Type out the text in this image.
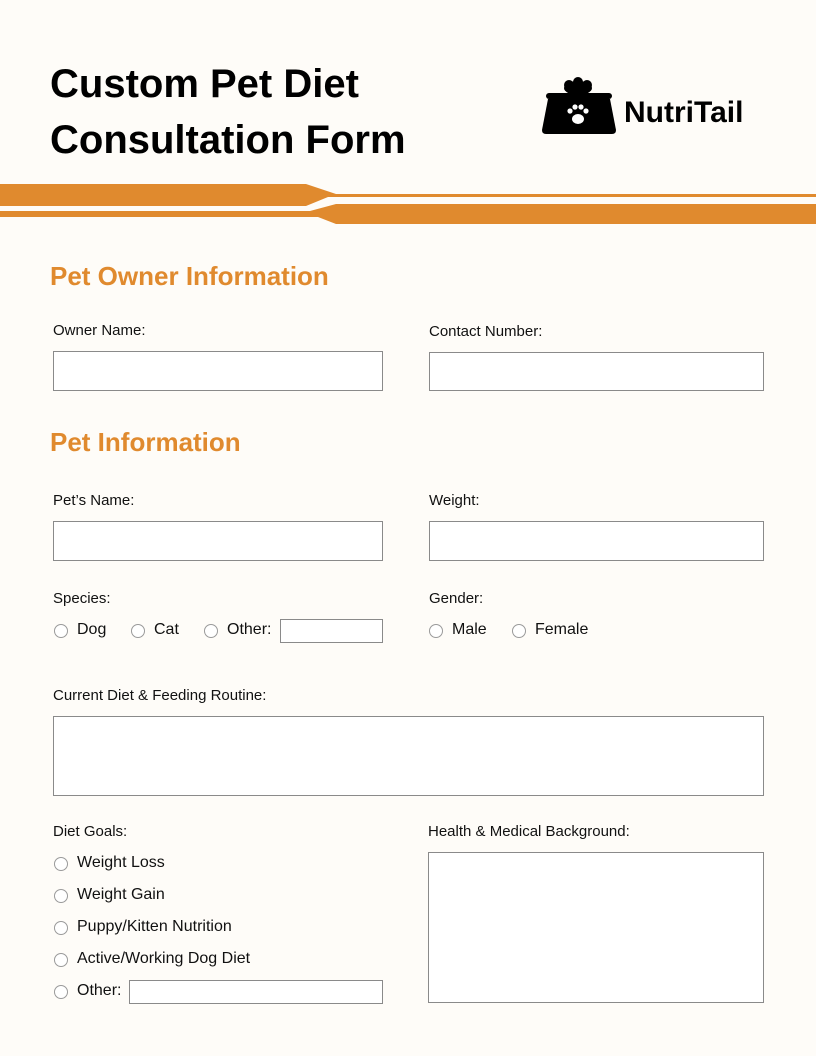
Custom Pet Diet
Consultation Form
NutriTail
Pet Owner Information
Owner Name:	Contact Number:
Pet Information
Pet’s Name:	Weight:
Species:
Dog	Cat	Other:
Gender:
Male	Female
Current Diet & Feeding Routine:
Diet Goals:
Weight Loss
Weight Gain
Puppy/Kitten Nutrition
Active/Working Dog Diet
Other:
Health & Medical Background:
